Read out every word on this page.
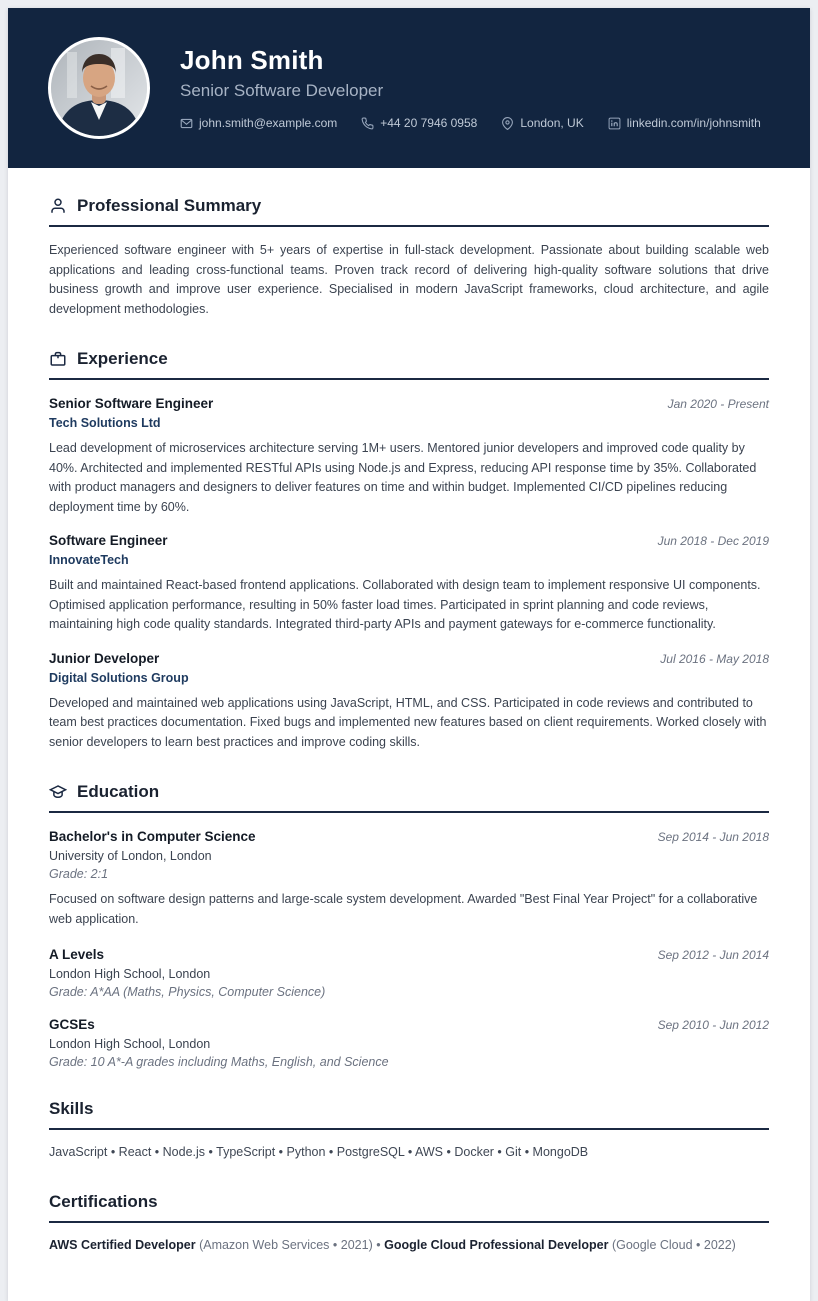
John Smith
Senior Software Developer
john.smith@example.com	+44 20 7946 0958	London, UK	linkedin.com/in/johnsmith
Professional Summary

Experienced software engineer with 5+ years of expertise in full-stack development. Passionate about building scalable web applications and leading cross-functional teams. Proven track record of delivering high-quality software solutions that drive business growth and improve user experience. Specialised in modern JavaScript frameworks, cloud architecture, and agile development methodologies.

Experience
Senior Software Engineer	Jan 2020 - Present
Tech Solutions Ltd

Lead development of microservices architecture serving 1M+ users. Mentored junior developers and improved code quality by 40%. Architected and implemented RESTful APIs using Node.js and Express, reducing API response time by 35%. Collaborated with product managers and designers to deliver features on time and within budget. Implemented CI/CD pipelines reducing deployment time by 60%.

Software Engineer	Jun 2018 - Dec 2019
InnovateTech

Built and maintained React-based frontend applications. Collaborated with design team to implement responsive UI components. Optimised application performance, resulting in 50% faster load times. Participated in sprint planning and code reviews, maintaining high code quality standards. Integrated third-party APIs and payment gateways for e-commerce functionality.

Junior Developer	Jul 2016 - May 2018
Digital Solutions Group

Developed and maintained web applications using JavaScript, HTML, and CSS. Participated in code reviews and contributed to team best practices documentation. Fixed bugs and implemented new features based on client requirements. Worked closely with senior developers to learn best practices and improve coding skills.

Education
Bachelor's in Computer Science	Sep 2014 - Jun 2018
University of London, London
Grade: 2:1

Focused on software design patterns and large-scale system development. Awarded "Best Final Year Project" for a collaborative web application.

A Levels	Sep 2012 - Jun 2014
London High School, London
Grade: A*AA (Maths, Physics, Computer Science)
GCSEs	Sep 2010 - Jun 2012
London High School, London
Grade: 10 A*-A grades including Maths, English, and Science
Skills

JavaScript • React • Node.js • TypeScript • Python • PostgreSQL • AWS • Docker • Git • MongoDB

Certifications

AWS Certified Developer (Amazon Web Services • 2021) • Google Cloud Professional Developer (Google Cloud • 2022)
